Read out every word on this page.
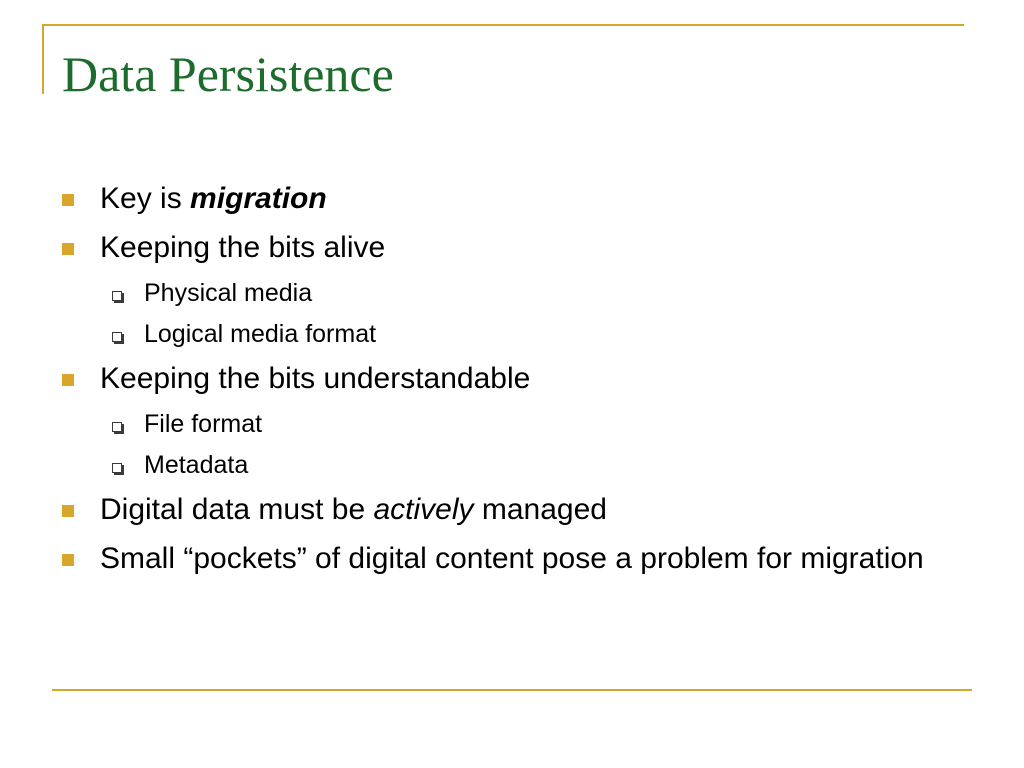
Data Persistence
Key is migration
Keeping the bits alive
Physical media
Logical media format
Keeping the bits understandable
File format
Metadata
Digital data must be actively managed
Small “pockets” of digital content pose a problem for migration
